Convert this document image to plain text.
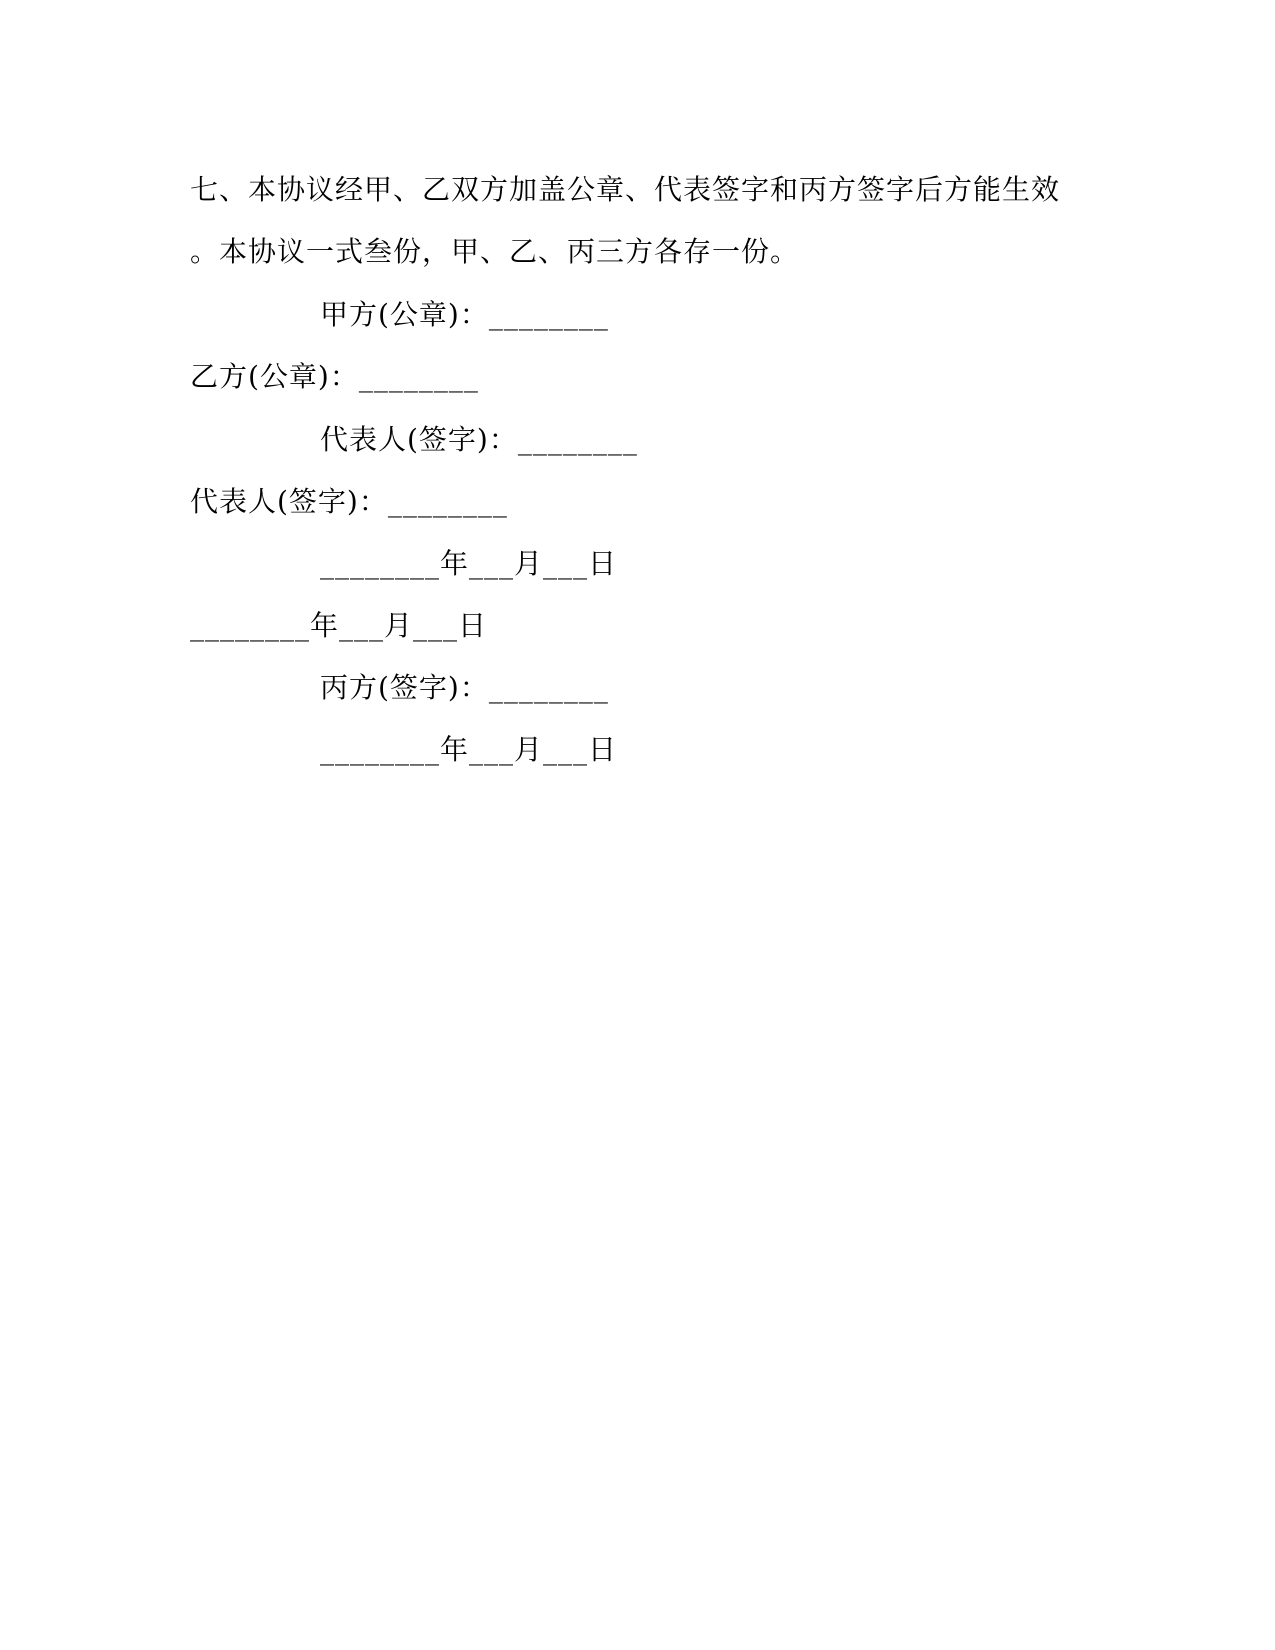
七、本协议经甲、乙双方加盖公章、代表签字和丙方签字后方能生效
。本协议一式叁份，甲、乙、丙三方各存一份。
甲方(公章)：________
乙方(公章)：________
代表人(签字)：________
代表人(签字)：________
________年___月___日
________年___月___日
丙方(签字)：________
________年___月___日
